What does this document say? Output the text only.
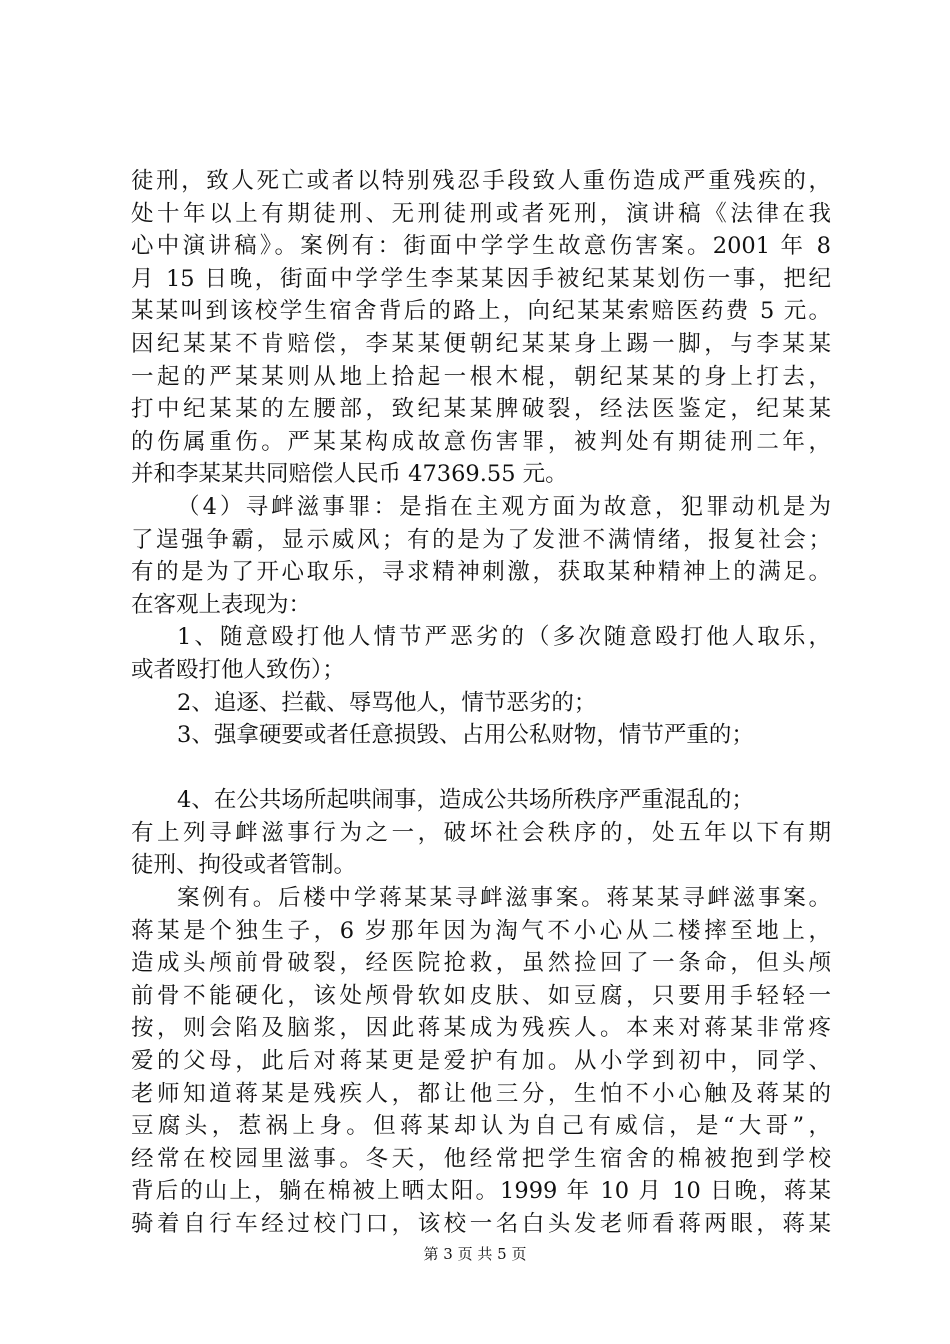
徒刑，致人死亡或者以特别残忍手段致人重伤造成严重残疾的，
处十年以上有期徒刑、无刑徒刑或者死刑，演讲稿《法律在我
心中演讲稿》。案例有：街面中学学生故意伤害案。2001 年 8
月 15 日晚，街面中学学生李某某因手被纪某某划伤一事，把纪
某某叫到该校学生宿舍背后的路上，向纪某某索赔医药费 5 元。
因纪某某不肯赔偿，李某某便朝纪某某身上踢一脚，与李某某
一起的严某某则从地上拾起一根木棍，朝纪某某的身上打去，
打中纪某某的左腰部，致纪某某脾破裂，经法医鉴定，纪某某
的伤属重伤。严某某构成故意伤害罪，被判处有期徒刑二年，
并和李某某共同赔偿人民币 47369.55 元。
（4）寻衅滋事罪：是指在主观方面为故意，犯罪动机是为
了逞强争霸，显示威风；有的是为了发泄不满情绪，报复社会；
有的是为了开心取乐，寻求精神刺激，获取某种精神上的满足。
在客观上表现为：
1、随意殴打他人情节严恶劣的（多次随意殴打他人取乐，
或者殴打他人致伤）；
2、追逐、拦截、辱骂他人，情节恶劣的；
3、强拿硬要或者任意损毁、占用公私财物，情节严重的；
4、在公共场所起哄闹事，造成公共场所秩序严重混乱的；
有上列寻衅滋事行为之一，破坏社会秩序的，处五年以下有期
徒刑、拘役或者管制。
案例有。后楼中学蒋某某寻衅滋事案。蒋某某寻衅滋事案。
蒋某是个独生子，6 岁那年因为淘气不小心从二楼摔至地上，
造成头颅前骨破裂，经医院抢救，虽然捡回了一条命，但头颅
前骨不能硬化，该处颅骨软如皮肤、如豆腐，只要用手轻轻一
按，则会陷及脑浆，因此蒋某成为残疾人。本来对蒋某非常疼
爱的父母，此后对蒋某更是爱护有加。从小学到初中，同学、
老师知道蒋某是残疾人，都让他三分，生怕不小心触及蒋某的
豆腐头，惹祸上身。但蒋某却认为自己有威信，是“大哥”，
经常在校园里滋事。冬天，他经常把学生宿舍的棉被抱到学校
背后的山上，躺在棉被上晒太阳。1999 年 10 月 10 日晚，蒋某
骑着自行车经过校门口，该校一名白头发老师看蒋两眼，蒋某
第 3 页 共 5 页
